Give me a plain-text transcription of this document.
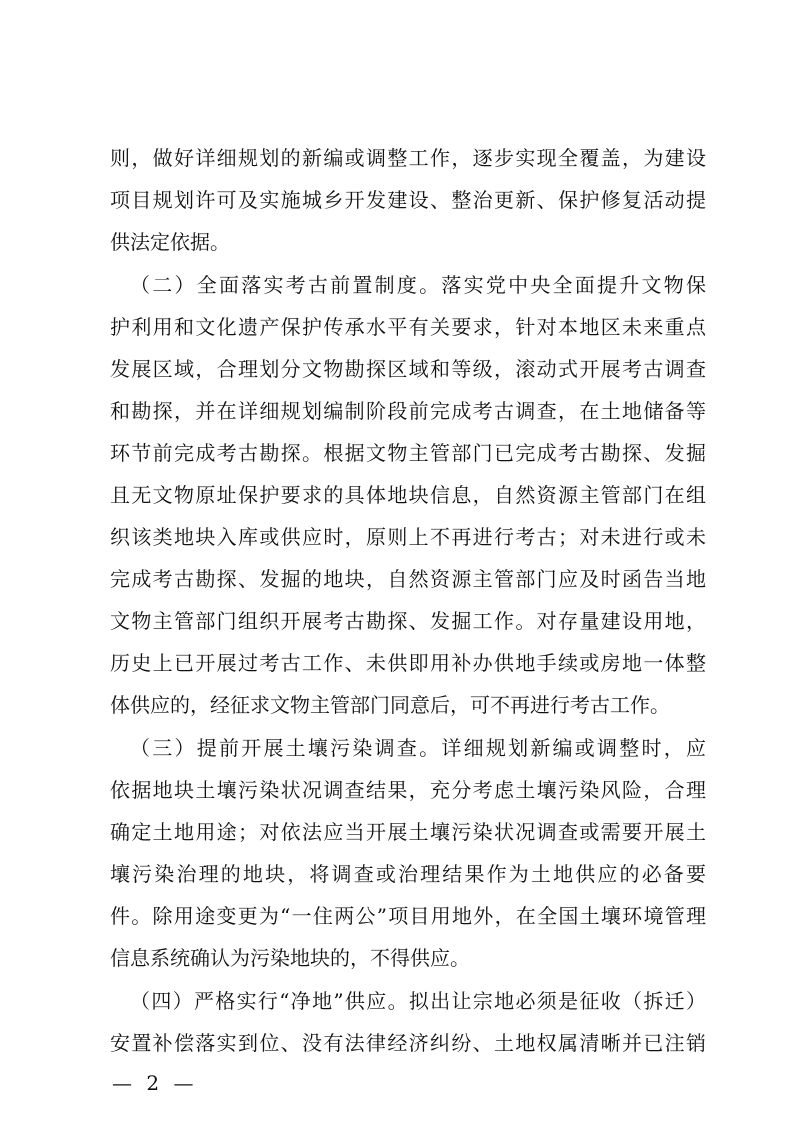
则，做好详细规划的新编或调整工作，逐步实现全覆盖，为建设
项目规划许可及实施城乡开发建设、整治更新、保护修复活动提
供法定依据。
（二）全面落实考古前置制度。落实党中央全面提升文物保
护利用和文化遗产保护传承水平有关要求，针对本地区未来重点
发展区域，合理划分文物勘探区域和等级，滚动式开展考古调查
和勘探，并在详细规划编制阶段前完成考古调查，在土地储备等
环节前完成考古勘探。根据文物主管部门已完成考古勘探、发掘
且无文物原址保护要求的具体地块信息，自然资源主管部门在组
织该类地块入库或供应时，原则上不再进行考古；对未进行或未
完成考古勘探、发掘的地块，自然资源主管部门应及时函告当地
文物主管部门组织开展考古勘探、发掘工作。对存量建设用地，
历史上已开展过考古工作、未供即用补办供地手续或房地一体整
体供应的，经征求文物主管部门同意后，可不再进行考古工作。
（三）提前开展土壤污染调查。详细规划新编或调整时，应
依据地块土壤污染状况调查结果，充分考虑土壤污染风险，合理
确定土地用途；对依法应当开展土壤污染状况调查或需要开展土
壤污染治理的地块，将调查或治理结果作为土地供应的必备要
件。除用途变更为“一住两公”项目用地外，在全国土壤环境管理
信息系统确认为污染地块的，不得供应。
（四）严格实行“净地”供应。拟出让宗地必须是征收（拆迁）
安置补偿落实到位、没有法律经济纠纷、土地权属清晰并已注销
— 2 —
